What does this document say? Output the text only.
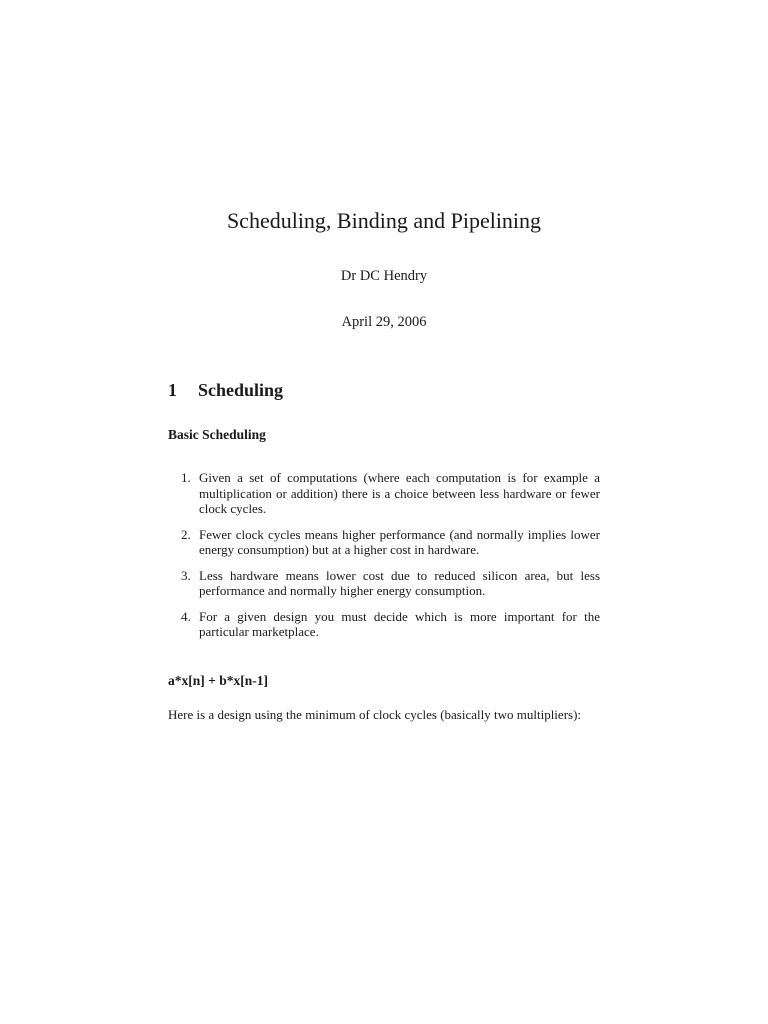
Scheduling, Binding and Pipelining
Dr DC Hendry
April 29, 2006
1 Scheduling
Basic Scheduling
1. Given a set of computations (where each computation is for example a multiplication or addition) there is a choice between less hardware or fewer clock cycles.
2. Fewer clock cycles means higher performance (and normally implies lower energy consumption) but at a higher cost in hardware.
3. Less hardware means lower cost due to reduced silicon area, but less performance and normally higher energy consumption.
4. For a given design you must decide which is more important for the particular marketplace.
a*x[n] + b*x[n-1]

Here is a design using the minimum of clock cycles (basically two multipliers):
